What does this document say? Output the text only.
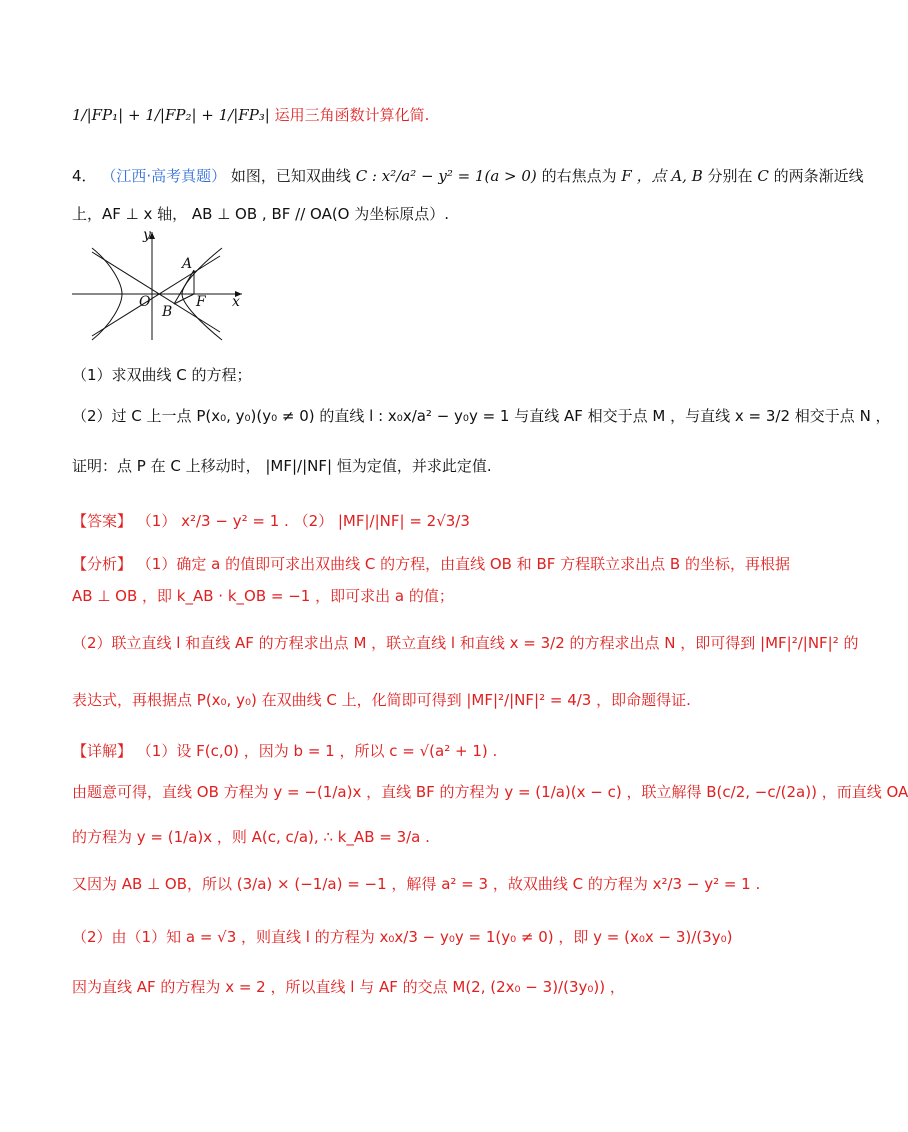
1/|FP₁| + 1/|FP₂| + 1/|FP₃| 运用三角函数计算化简.
4． （江西·高考真题） 如图，已知双曲线 C : x²/a² − y² = 1(a > 0) 的右焦点为 F ，点 A, B 分别在 C 的两条渐近线
上，AF ⊥ x 轴， AB ⊥ OB , BF // OA(O 为坐标原点）.
y
x
O
A
B
F
（1）求双曲线 C 的方程；
（2）过 C 上一点 P(x₀, y₀)(y₀ ≠ 0) 的直线 l : x₀x/a² − y₀y = 1 与直线 AF 相交于点 M ，与直线 x = 3/2 相交于点 N ，
证明：点 P 在 C 上移动时， |MF|/|NF| 恒为定值，并求此定值.
【答案】 （1） x²/3 − y² = 1 . （2） |MF|/|NF| = 2√3/3
【分析】 （1）确定 a 的值即可求出双曲线 C 的方程，由直线 OB 和 BF 方程联立求出点 B 的坐标，再根据
AB ⊥ OB ，即 k_AB · k_OB = −1 ，即可求出 a 的值；
（2）联立直线 l 和直线 AF 的方程求出点 M ，联立直线 l 和直线 x = 3/2 的方程求出点 N ，即可得到 |MF|²/|NF|² 的
表达式，再根据点 P(x₀, y₀) 在双曲线 C 上，化简即可得到 |MF|²/|NF|² = 4/3 ，即命题得证.
【详解】 （1）设 F(c,0) ，因为 b = 1 ，所以 c = √(a² + 1) .
由题意可得，直线 OB 方程为 y = −(1/a)x ，直线 BF 的方程为 y = (1/a)(x − c) ，联立解得 B(c/2, −c/(2a)) ，而直线 OA
的方程为 y = (1/a)x ，则 A(c, c/a), ∴ k_AB = 3/a .
又因为 AB ⊥ OB，所以 (3/a) × (−1/a) = −1 ，解得 a² = 3 ，故双曲线 C 的方程为 x²/3 − y² = 1 .
（2）由（1）知 a = √3 ，则直线 l 的方程为 x₀x/3 − y₀y = 1(y₀ ≠ 0) ，即 y = (x₀x − 3)/(3y₀)
因为直线 AF 的方程为 x = 2 ，所以直线 l 与 AF 的交点 M(2, (2x₀ − 3)/(3y₀)) ，
